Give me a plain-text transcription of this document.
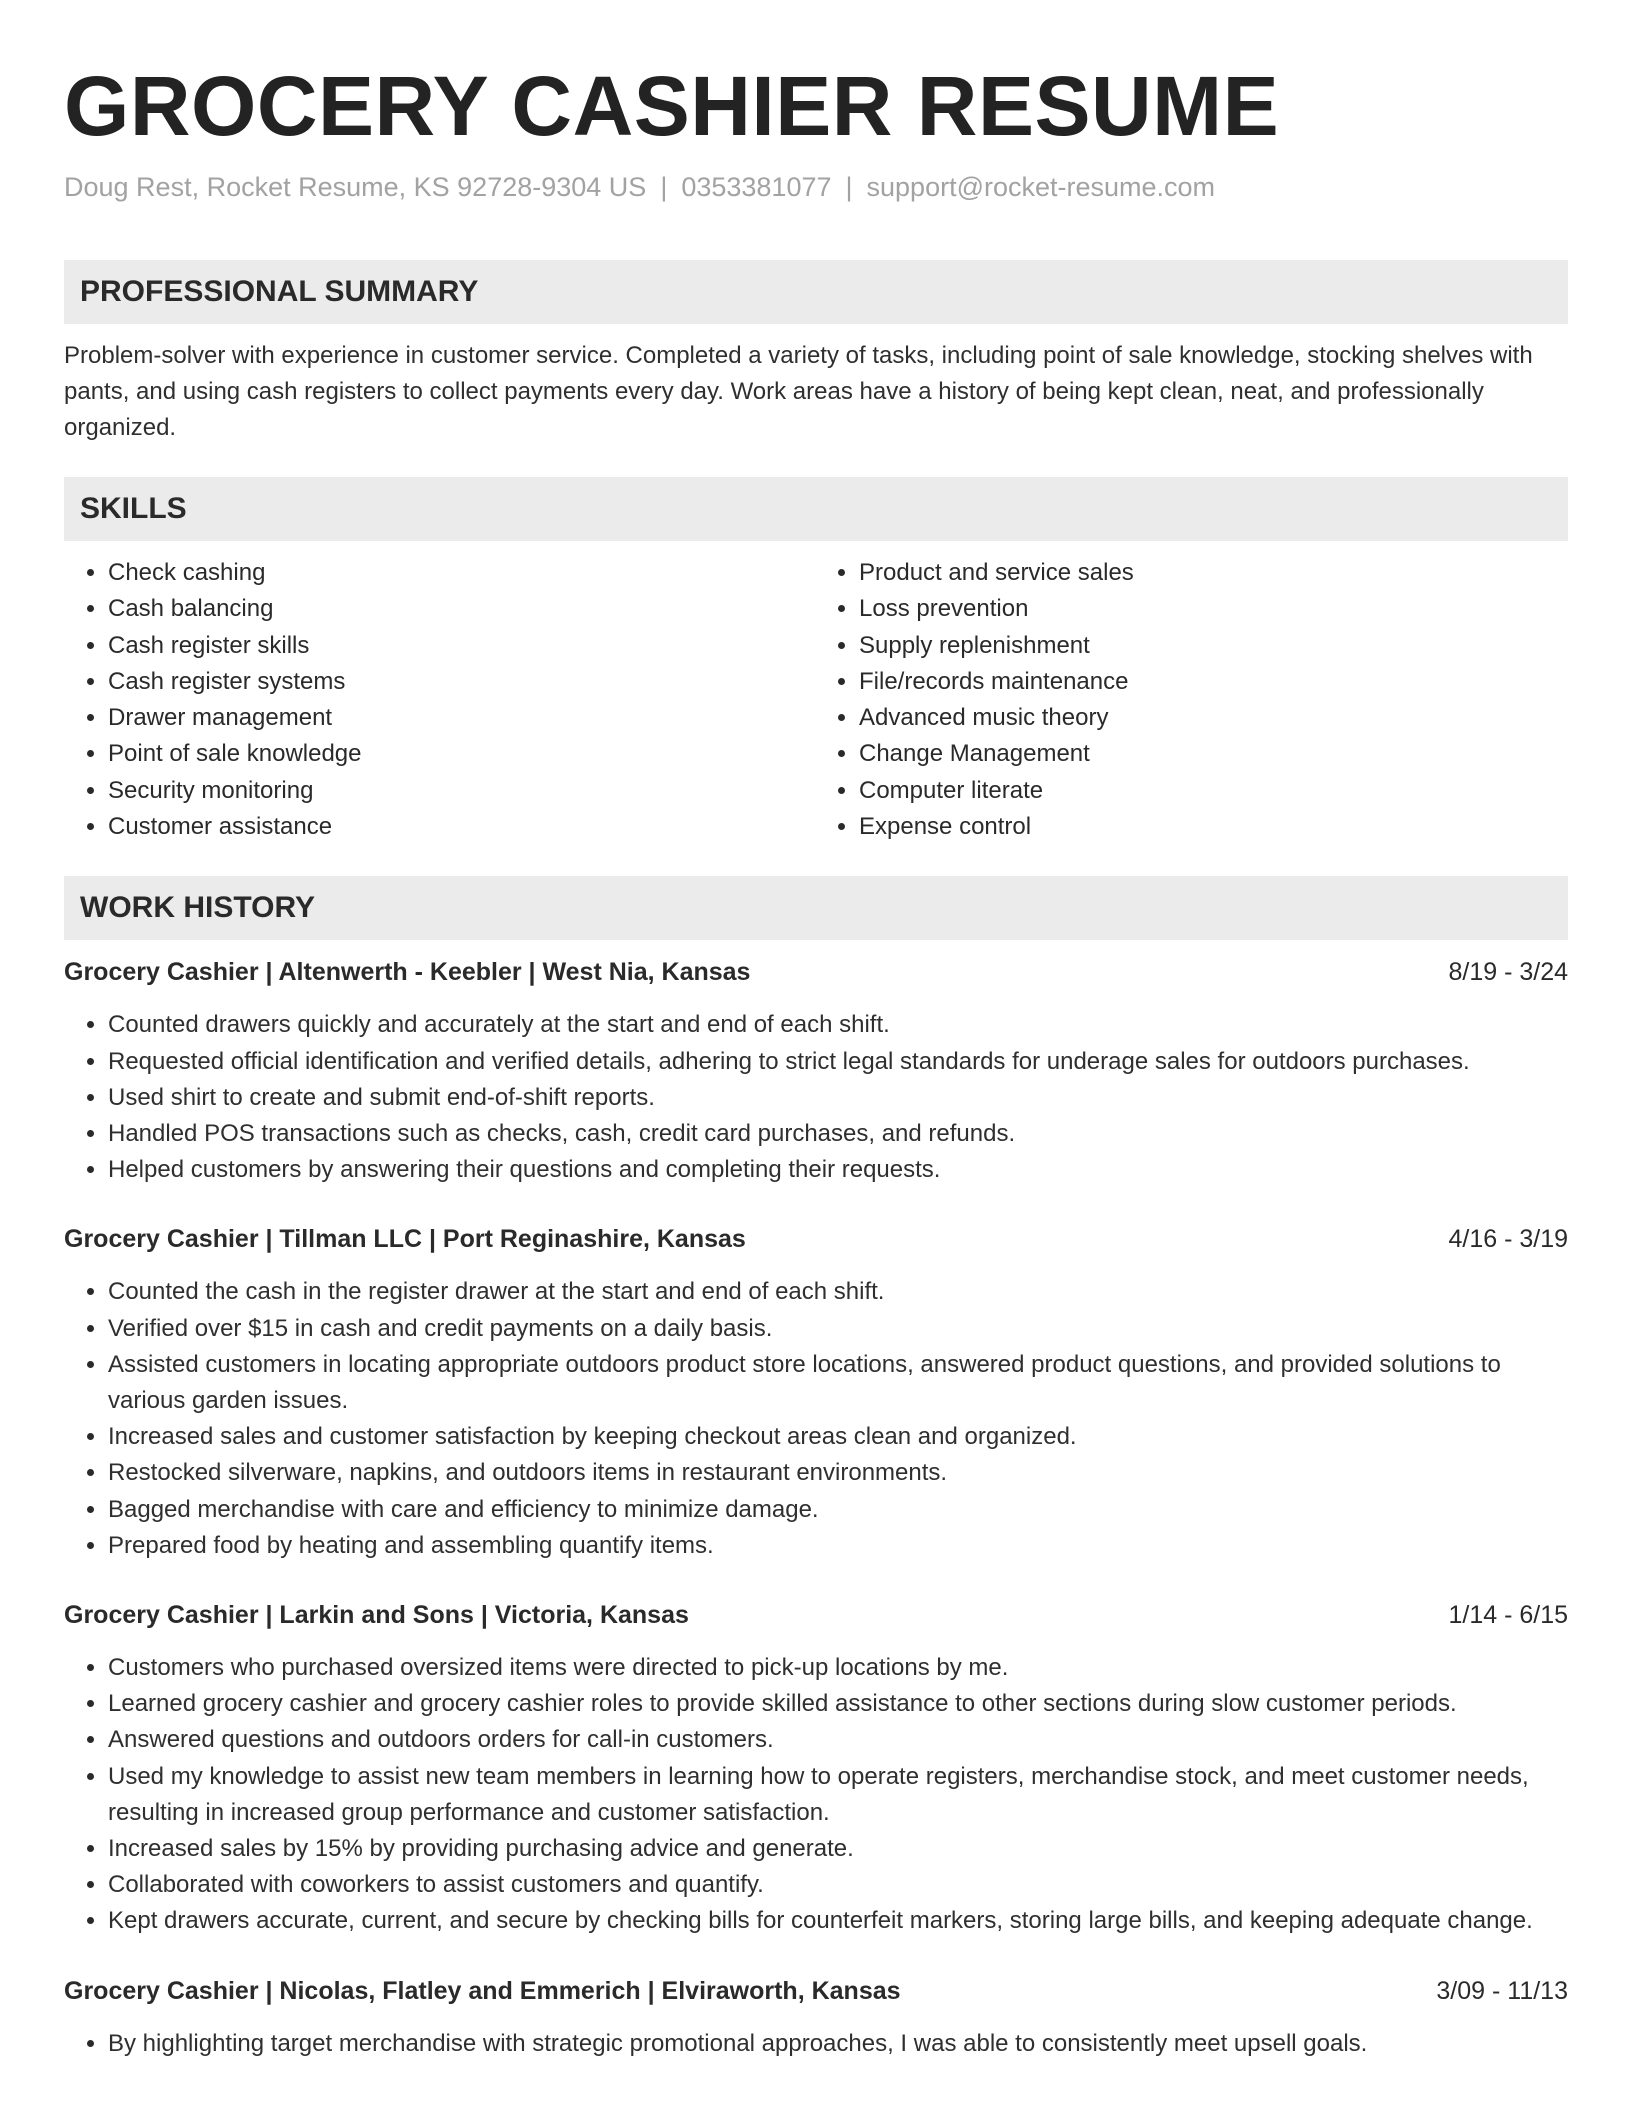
GROCERY CASHIER RESUME
Doug Rest, Rocket Resume, KS 92728-9304 US | 0353381077 | support@rocket-resume.com
PROFESSIONAL SUMMARY
Problem-solver with experience in customer service. Completed a variety of tasks, including point of sale knowledge, stocking shelves with pants, and using cash registers to collect payments every day. Work areas have a history of being kept clean, neat, and professionally organized.
SKILLS
• Check cashing
• Cash balancing
• Cash register skills
• Cash register systems
• Drawer management
• Point of sale knowledge
• Security monitoring
• Customer assistance
• Product and service sales
• Loss prevention
• Supply replenishment
• File/records maintenance
• Advanced music theory
• Change Management
• Computer literate
• Expense control
WORK HISTORY
Grocery Cashier | Altenwerth - Keebler | West Nia, Kansas	8/19 - 3/24
• Counted drawers quickly and accurately at the start and end of each shift.
• Requested official identification and verified details, adhering to strict legal standards for underage sales for outdoors purchases.
• Used shirt to create and submit end-of-shift reports.
• Handled POS transactions such as checks, cash, credit card purchases, and refunds.
• Helped customers by answering their questions and completing their requests.
Grocery Cashier | Tillman LLC | Port Reginashire, Kansas	4/16 - 3/19
• Counted the cash in the register drawer at the start and end of each shift.
• Verified over $15 in cash and credit payments on a daily basis.
• Assisted customers in locating appropriate outdoors product store locations, answered product questions, and provided solutions to various garden issues.
• Increased sales and customer satisfaction by keeping checkout areas clean and organized.
• Restocked silverware, napkins, and outdoors items in restaurant environments.
• Bagged merchandise with care and efficiency to minimize damage.
• Prepared food by heating and assembling quantify items.
Grocery Cashier | Larkin and Sons | Victoria, Kansas	1/14 - 6/15
• Customers who purchased oversized items were directed to pick-up locations by me.
• Learned grocery cashier and grocery cashier roles to provide skilled assistance to other sections during slow customer periods.
• Answered questions and outdoors orders for call-in customers.
• Used my knowledge to assist new team members in learning how to operate registers, merchandise stock, and meet customer needs, resulting in increased group performance and customer satisfaction.
• Increased sales by 15% by providing purchasing advice and generate.
• Collaborated with coworkers to assist customers and quantify.
• Kept drawers accurate, current, and secure by checking bills for counterfeit markers, storing large bills, and keeping adequate change.
Grocery Cashier | Nicolas, Flatley and Emmerich | Elviraworth, Kansas	3/09 - 11/13
• By highlighting target merchandise with strategic promotional approaches, I was able to consistently meet upsell goals.
